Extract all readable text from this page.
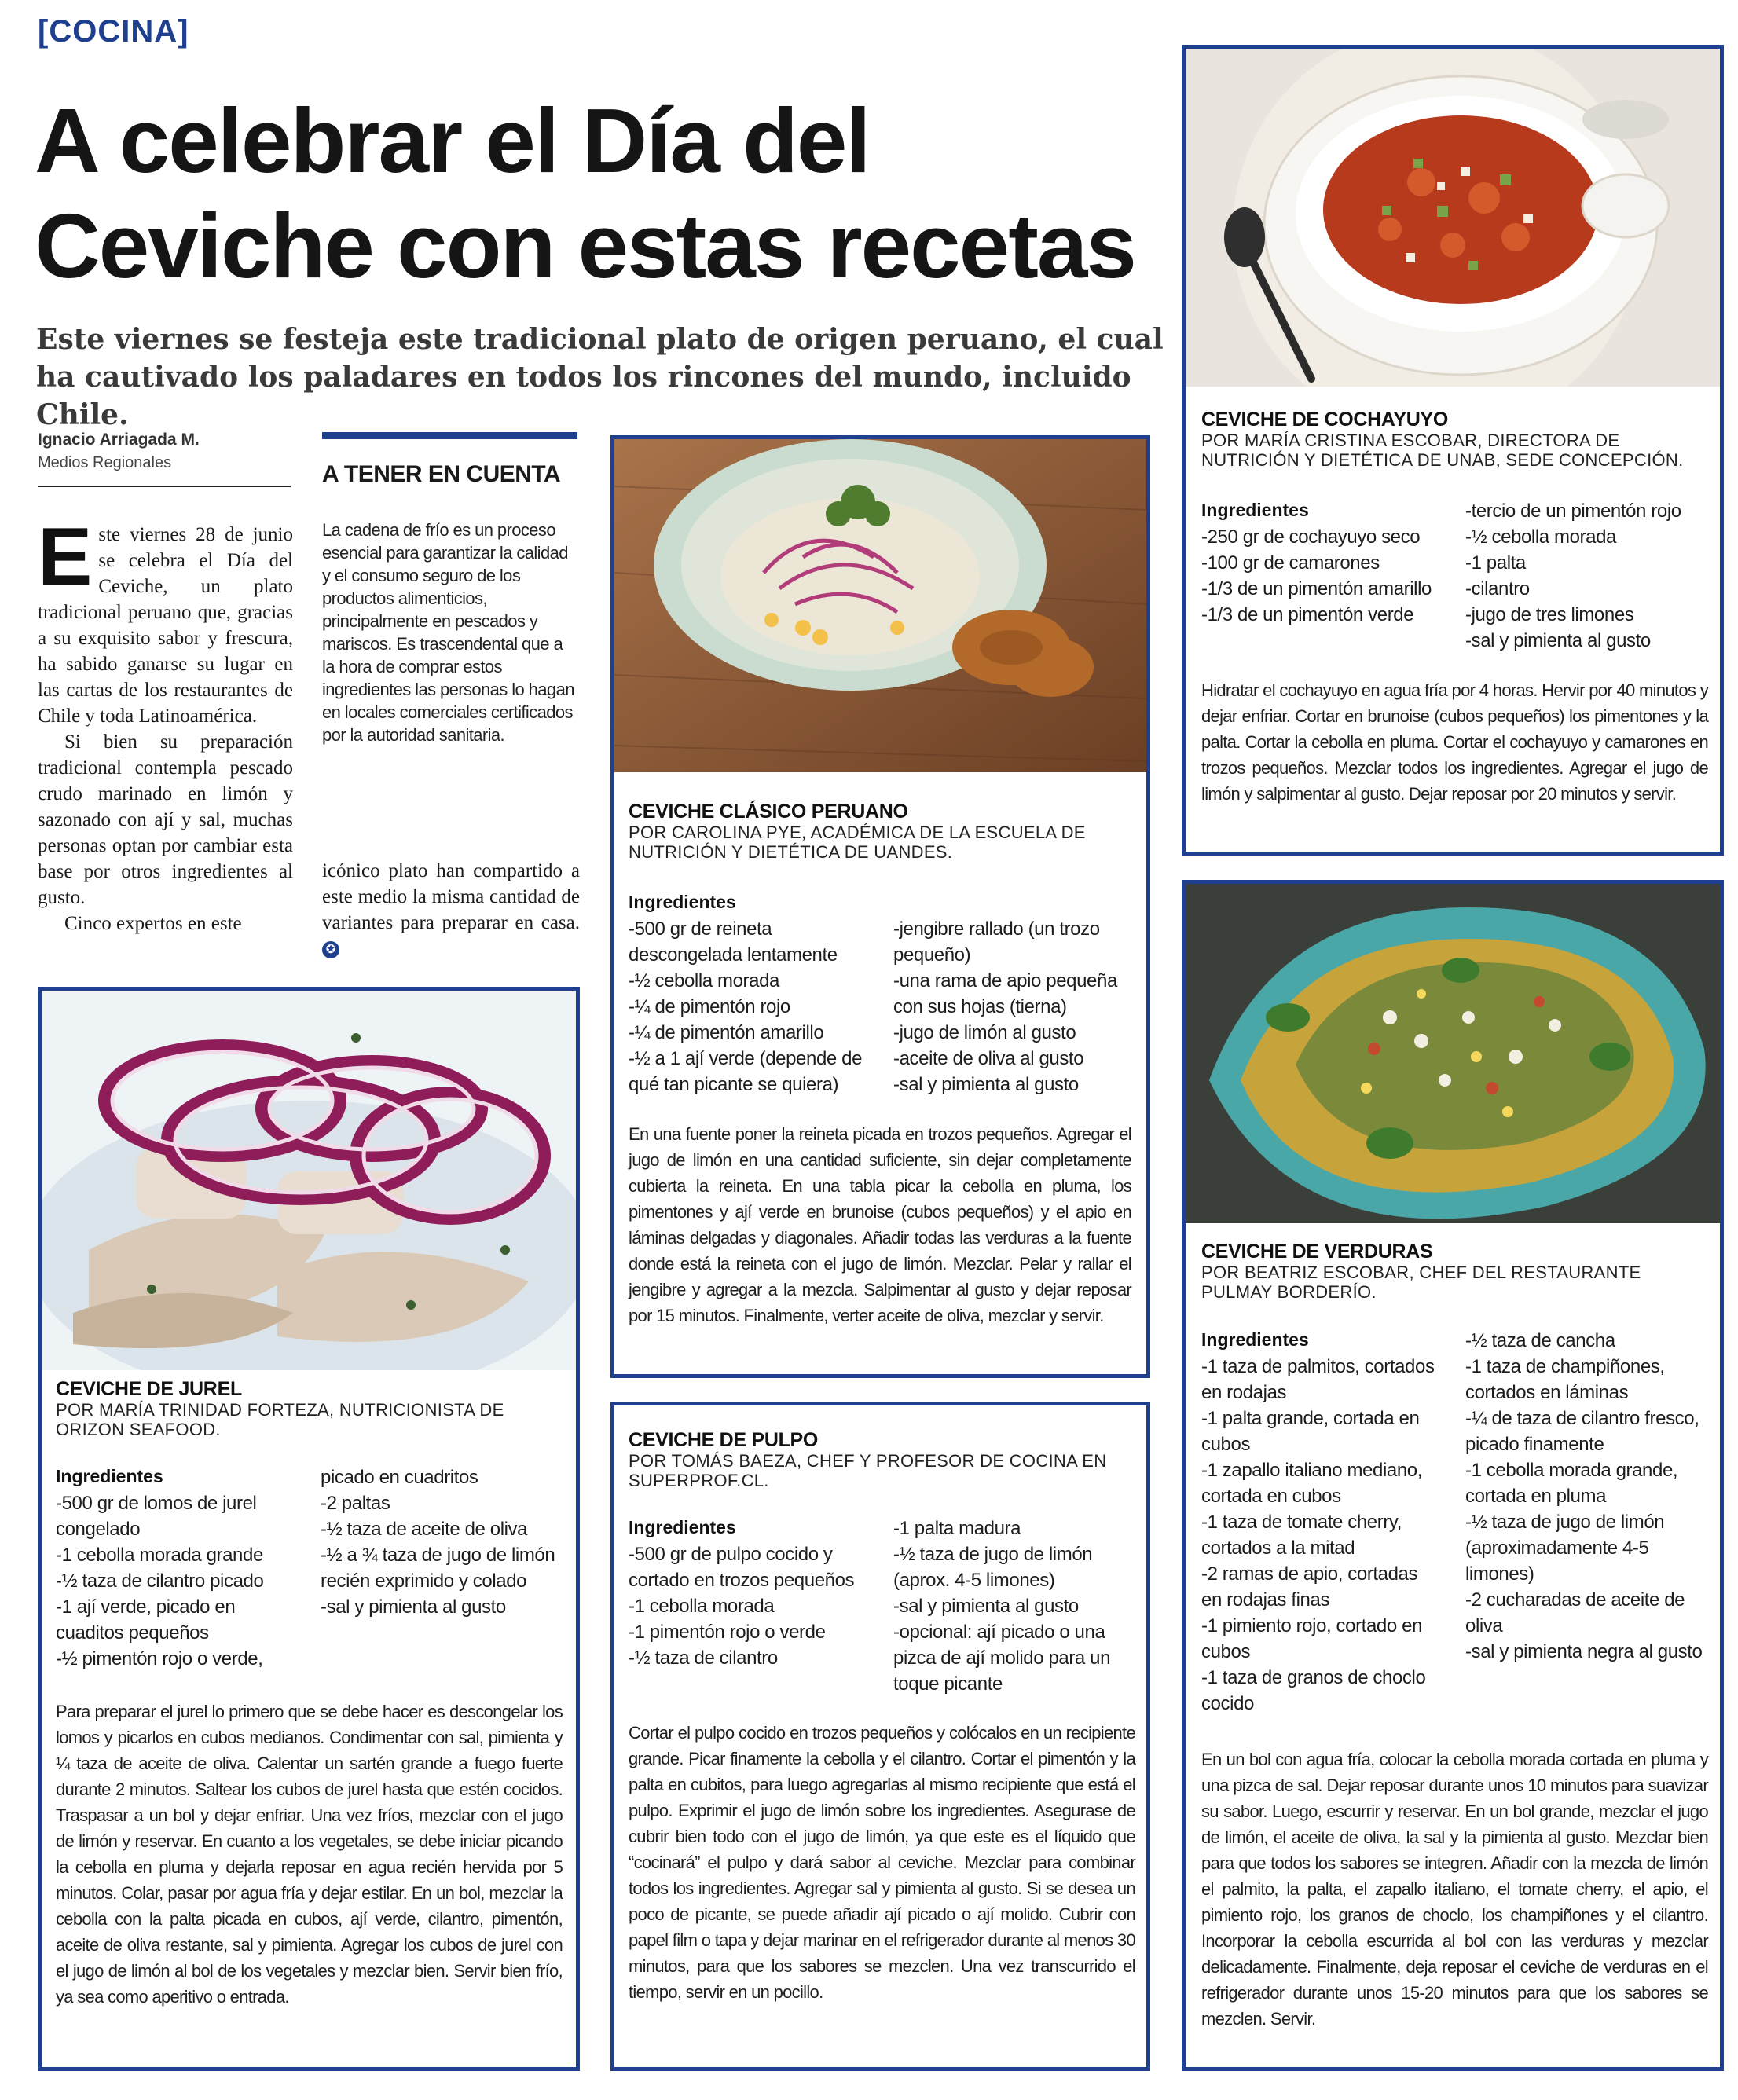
[COCINA]
A celebrar el Día del Ceviche con estas recetas
Este viernes se festeja este tradicional plato de origen peruano, el cual ha cautivado los paladares en todos los rincones del mundo, incluido Chile.
Ignacio Arriagada M.
Medios Regionales

Este viernes 28 de junio se celebra el Día del Ceviche, un plato tradicional peruano que, gracias a su exquisito sabor y frescura, ha sabido ganarse su lugar en las cartas de los restaurantes de Chile y toda Latinoamérica.

Si bien su preparación tradicional contempla pescado crudo marinado en limón y sazonado con ají y sal, muchas personas optan por cambiar esta base por otros ingredientes al gusto.

Cinco expertos en este

A TENER EN CUENTA
La cadena de frío es un proceso esencial para garantizar la calidad y el consumo seguro de los productos alimenticios, principalmente en pescados y mariscos. Es trascendental que a la hora de comprar estos ingredientes las personas lo hagan en locales comerciales certificados por la autoridad sanitaria.

icónico plato han compartido a este medio la misma cantidad de variantes para preparar en casa. ✪

CEVICHE CLÁSICO PERUANO
POR CAROLINA PYE, ACADÉMICA DE LA ESCUELA DE NUTRICIÓN Y DIETÉTICA DE UANDES.
Ingredientes
-500 gr de reineta descongelada lentamente
-½ cebolla morada
-¼ de pimentón rojo
-¼ de pimentón amarillo
-½ a 1 ají verde (depende de qué tan picante se quiera)
-jengibre rallado (un trozo pequeño)
-una rama de apio pequeña con sus hojas (tierna)
-jugo de limón al gusto
-aceite de oliva al gusto
-sal y pimienta al gusto
En una fuente poner la reineta picada en trozos pequeños. Agregar el jugo de limón en una cantidad suficiente, sin dejar completamente cubierta la reineta. En una tabla picar la cebolla en pluma, los pimentones y ají verde en brunoise (cubos pequeños) y el apio en láminas delgadas y diagonales. Añadir todas las verduras a la fuente donde está la reineta con el jugo de limón. Mezclar. Pelar y rallar el jengibre y agregar a la mezcla. Salpimentar al gusto y dejar reposar por 15 minutos. Finalmente, verter aceite de oliva, mezclar y servir.
CEVICHE DE COCHAYUYO
POR MARÍA CRISTINA ESCOBAR, DIRECTORA DE NUTRICIÓN Y DIETÉTICA DE UNAB, SEDE CONCEPCIÓN.
Ingredientes
-250 gr de cochayuyo seco
-100 gr de camarones
-1/3 de un pimentón amarillo
-1/3 de un pimentón verde
-tercio de un pimentón rojo
-½ cebolla morada
-1 palta
-cilantro
-jugo de tres limones
-sal y pimienta al gusto
Hidratar el cochayuyo en agua fría por 4 horas. Hervir por 40 minutos y dejar enfriar. Cortar en brunoise (cubos pequeños) los pimentones y la palta. Cortar la cebolla en pluma. Cortar el cochayuyo y camarones en trozos pequeños. Mezclar todos los ingredientes. Agregar el jugo de limón y salpimentar al gusto. Dejar reposar por 20 minutos y servir.
CEVICHE DE JUREL
POR MARÍA TRINIDAD FORTEZA, NUTRICIONISTA DE ORIZON SEAFOOD.
Ingredientes
-500 gr de lomos de jurel congelado
-1 cebolla morada grande
-½ taza de cilantro picado
-1 ají verde, picado en cuaditos pequeños
-½ pimentón rojo o verde,
picado en cuadritos
-2 paltas
-½ taza de aceite de oliva
-½ a ¾ taza de jugo de limón recién exprimido y colado
-sal y pimienta al gusto
Para preparar el jurel lo primero que se debe hacer es descongelar los lomos y picarlos en cubos medianos. Condimentar con sal, pimienta y ¼ taza de aceite de oliva. Calentar un sartén grande a fuego fuerte durante 2 minutos. Saltear los cubos de jurel hasta que estén cocidos. Traspasar a un bol y dejar enfriar. Una vez fríos, mezclar con el jugo de limón y reservar. En cuanto a los vegetales, se debe iniciar picando la cebolla en pluma y dejarla reposar en agua recién hervida por 5 minutos. Colar, pasar por agua fría y dejar estilar. En un bol, mezclar la cebolla con la palta picada en cubos, ají verde, cilantro, pimentón, aceite de oliva restante, sal y pimienta. Agregar los cubos de jurel con el jugo de limón al bol de los vegetales y mezclar bien. Servir bien frío, ya sea como aperitivo o entrada.
CEVICHE DE PULPO
POR TOMÁS BAEZA, CHEF Y PROFESOR DE COCINA EN SUPERPROF.CL.
Ingredientes
-500 gr de pulpo cocido y cortado en trozos pequeños
-1 cebolla morada
-1 pimentón rojo o verde
-½ taza de cilantro
-1 palta madura
-½ taza de jugo de limón (aprox. 4-5 limones)
-sal y pimienta al gusto
-opcional: ají picado o una pizca de ají molido para un toque picante
Cortar el pulpo cocido en trozos pequeños y colócalos en un recipiente grande. Picar finamente la cebolla y el cilantro. Cortar el pimentón y la palta en cubitos, para luego agregarlas al mismo recipiente que está el pulpo. Exprimir el jugo de limón sobre los ingredientes. Asegurase de cubrir bien todo con el jugo de limón, ya que este es el líquido que “cocinará” el pulpo y dará sabor al ceviche. Mezclar para combinar todos los ingredientes. Agregar sal y pimienta al gusto. Si se desea un poco de picante, se puede añadir ají picado o ají molido. Cubrir con papel film o tapa y dejar marinar en el refrigerador durante al menos 30 minutos, para que los sabores se mezclen. Una vez transcurrido el tiempo, servir en un pocillo.
CEVICHE DE VERDURAS
POR BEATRIZ ESCOBAR, CHEF DEL RESTAURANTE PULMAY BORDERÍO.
Ingredientes
-1 taza de palmitos, cortados en rodajas
-1 palta grande, cortada en cubos
-1 zapallo italiano mediano, cortada en cubos
-1 taza de tomate cherry, cortados a la mitad
-2 ramas de apio, cortadas en rodajas finas
-1 pimiento rojo, cortado en cubos
-1 taza de granos de choclo cocido
-½ taza de cancha
-1 taza de champiñones, cortados en láminas
-¼ de taza de cilantro fresco, picado finamente
-1 cebolla morada grande, cortada en pluma
-½ taza de jugo de limón (aproximadamente 4-5 limones)
-2 cucharadas de aceite de oliva
-sal y pimienta negra al gusto
En un bol con agua fría, colocar la cebolla morada cortada en pluma y una pizca de sal. Dejar reposar durante unos 10 minutos para suavizar su sabor. Luego, escurrir y reservar. En un bol grande, mezclar el jugo de limón, el aceite de oliva, la sal y la pimienta al gusto. Mezclar bien para que todos los sabores se integren. Añadir con la mezcla de limón el palmito, la palta, el zapallo italiano, el tomate cherry, el apio, el pimiento rojo, los granos de choclo, los champiñones y el cilantro. Incorporar la cebolla escurrida al bol con las verduras y mezclar delicadamente. Finalmente, deja reposar el ceviche de verduras en el refrigerador durante unos 15-20 minutos para que los sabores se mezclen. Servir.
